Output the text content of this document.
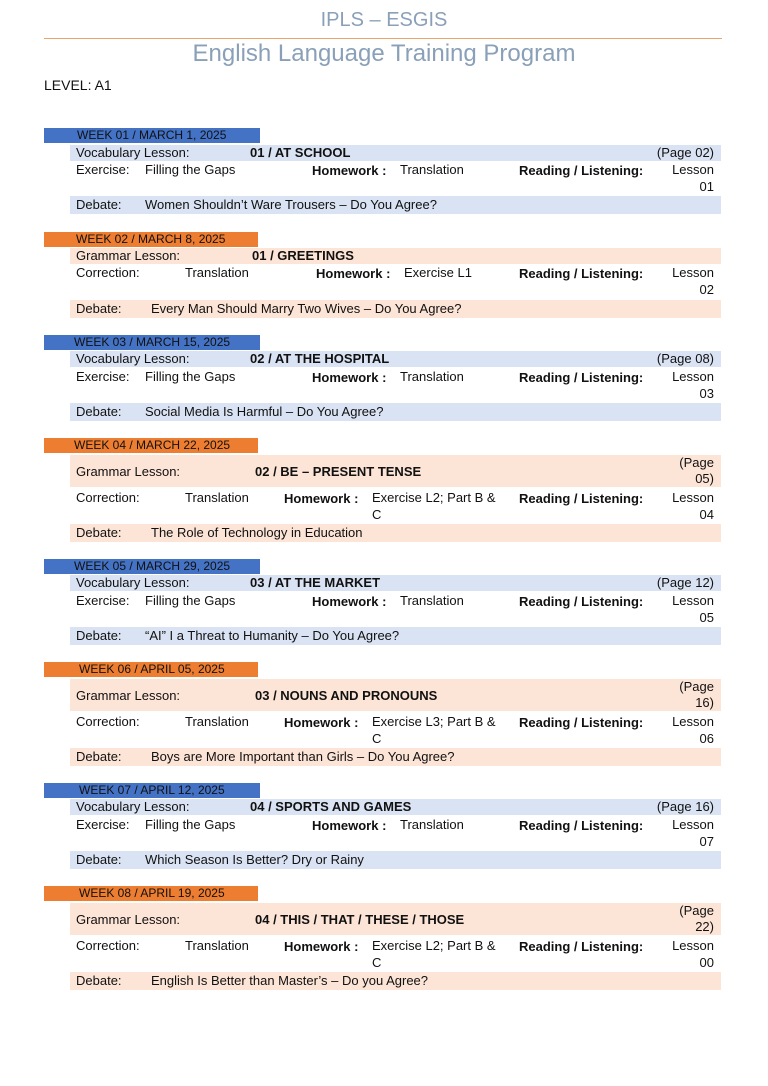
IPLS – ESGIS
English Language Training Program
LEVEL: A1
WEEK 01 / MARCH 1, 2025
Vocabulary Lesson:	01 / AT SCHOOL	(Page 02)
Exercise: Filling the Gaps	Homework : Translation	Reading / Listening:	Lesson
01
Debate: Women Shouldn’t Ware Trousers – Do You Agree?
WEEK 02 / MARCH 8, 2025
Grammar Lesson:	01 / GREETINGS
Correction:	Translation	Homework : Exercise L1	Reading / Listening:	Lesson
02
Debate: Every Man Should Marry Two Wives – Do You Agree?
WEEK 03 / MARCH 15, 2025
Vocabulary Lesson:	02 / AT THE HOSPITAL	(Page 08)
Exercise: Filling the Gaps	Homework : Translation	Reading / Listening:	Lesson
03
Debate: Social Media Is Harmful – Do You Agree?
WEEK 04 / MARCH 22, 2025
Grammar Lesson:	02 / BE – PRESENT TENSE
(Page
05)
Correction:	Translation	Homework : Exercise L2; Part B &
C
Reading / Listening:	Lesson
04
Debate: The Role of Technology in Education
WEEK 05 / MARCH 29, 2025
Vocabulary Lesson:	03 / AT THE MARKET	(Page 12)
Exercise: Filling the Gaps	Homework : Translation	Reading / Listening:	Lesson
05
Debate: “AI” I a Threat to Humanity – Do You Agree?
WEEK 06 / APRIL 05, 2025
Grammar Lesson:	03 / NOUNS AND PRONOUNS
(Page
16)
Correction:	Translation	Homework : Exercise L3; Part B &
C
Reading / Listening:	Lesson
06
Debate: Boys are More Important than Girls – Do You Agree?
WEEK 07 / APRIL 12, 2025
Vocabulary Lesson:	04 / SPORTS AND GAMES	(Page 16)
Exercise: Filling the Gaps	Homework : Translation	Reading / Listening:	Lesson
07
Debate: Which Season Is Better? Dry or Rainy
WEEK 08 / APRIL 19, 2025
Grammar Lesson:	04 / THIS / THAT / THESE / THOSE
(Page
22)
Correction:	Translation	Homework : Exercise L2; Part B &
C
Reading / Listening:	Lesson
00
Debate: English Is Better than Master’s – Do you Agree?
